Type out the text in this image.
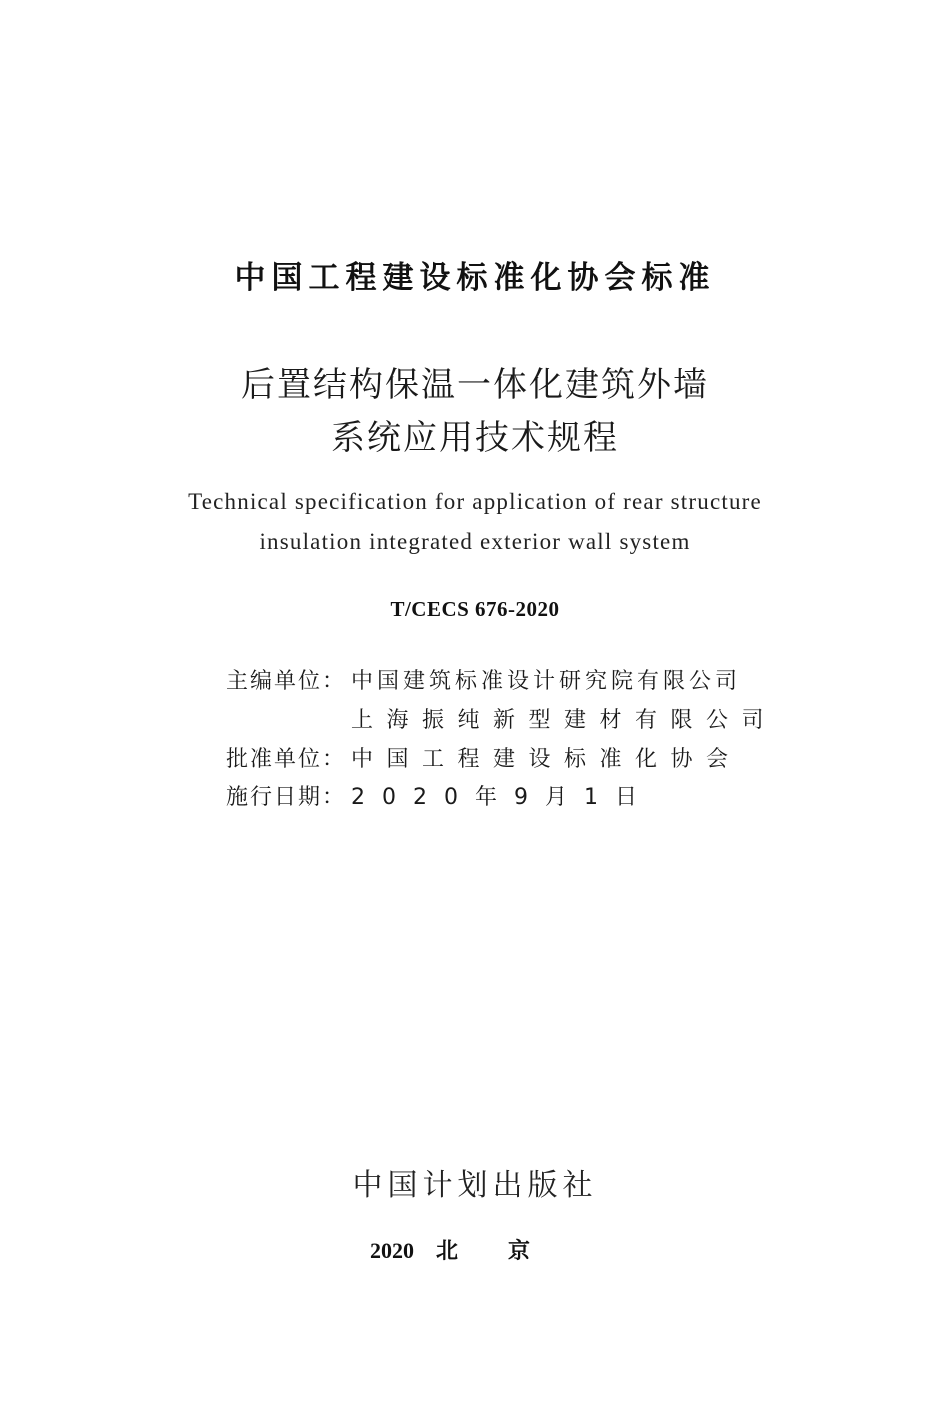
中国工程建设标准化协会标准
后置结构保温一体化建筑外墙
系统应用技术规程
Technical specification for application of rear structure
insulation integrated exterior wall system
T/CECS 676-2020
主编单位： 中国建筑标准设计研究院有限公司
上海振纯新型建材有限公司
批准单位： 中国工程建设标准化协会
施行日期： 2020年9月1日
中国计划出版社
2020 北京
